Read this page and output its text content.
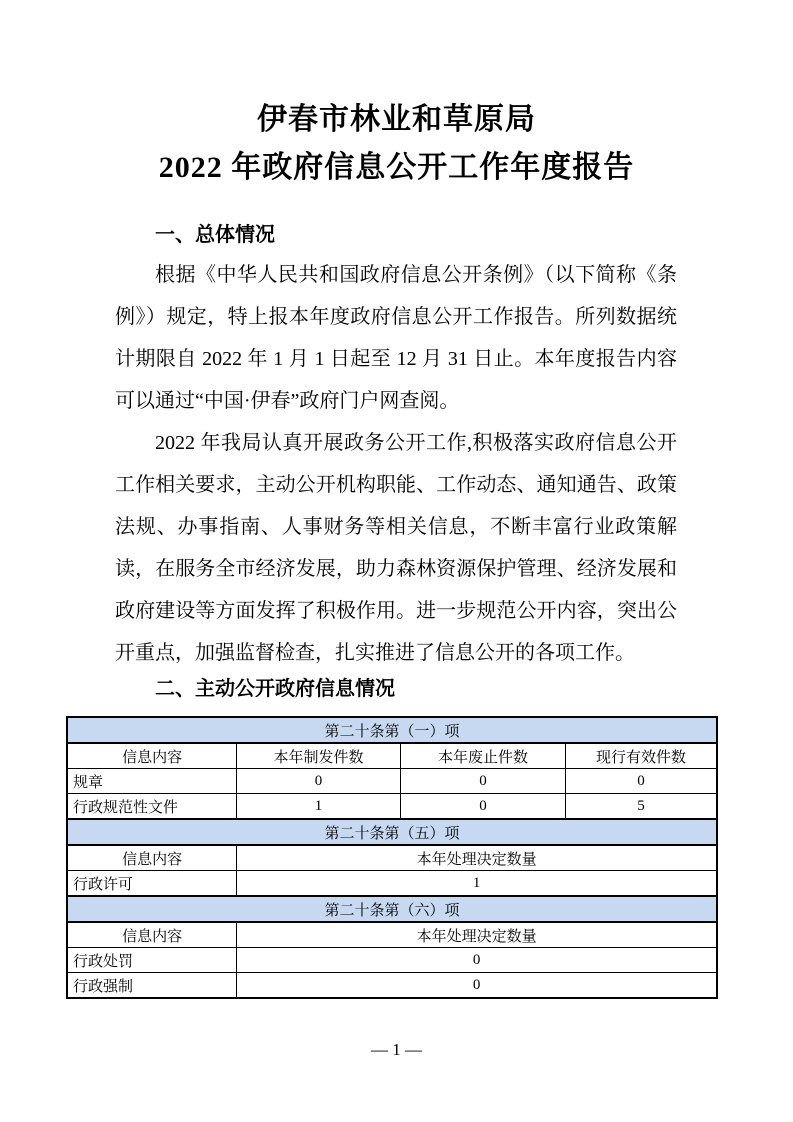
伊春市林业和草原局
2022 年政府信息公开工作年度报告
一、总体情况

根据《中华人民共和国政府信息公开条例》（以下简称《条例》）规定，特上报本年度政府信息公开工作报告。所列数据统计期限自 2022 年 1 月 1 日起至 12 月 31 日止。本年度报告内容可以通过“中国·伊春”政府门户网查阅。

2022 年我局认真开展政务公开工作,积极落实政府信息公开工作相关要求，主动公开机构职能、工作动态、通知通告、政策法规、办事指南、人事财务等相关信息，不断丰富行业政策解读，在服务全市经济发展，助力森林资源保护管理、经济发展和政府建设等方面发挥了积极作用。进一步规范公开内容，突出公开重点，加强监督检查，扎实推进了信息公开的各项工作。

二、主动公开政府信息情况
第二十条第（一）项			
信息内容	本年制发件数	本年废止件数	现行有效件数
规章	0	0	0
行政规范性文件	1	0	5
第二十条第（五）项			
信息内容	本年处理决定数量		
行政许可	1		
第二十条第（六）项			
信息内容	本年处理决定数量		
行政处罚	0		
行政强制	0		
— 1 —
